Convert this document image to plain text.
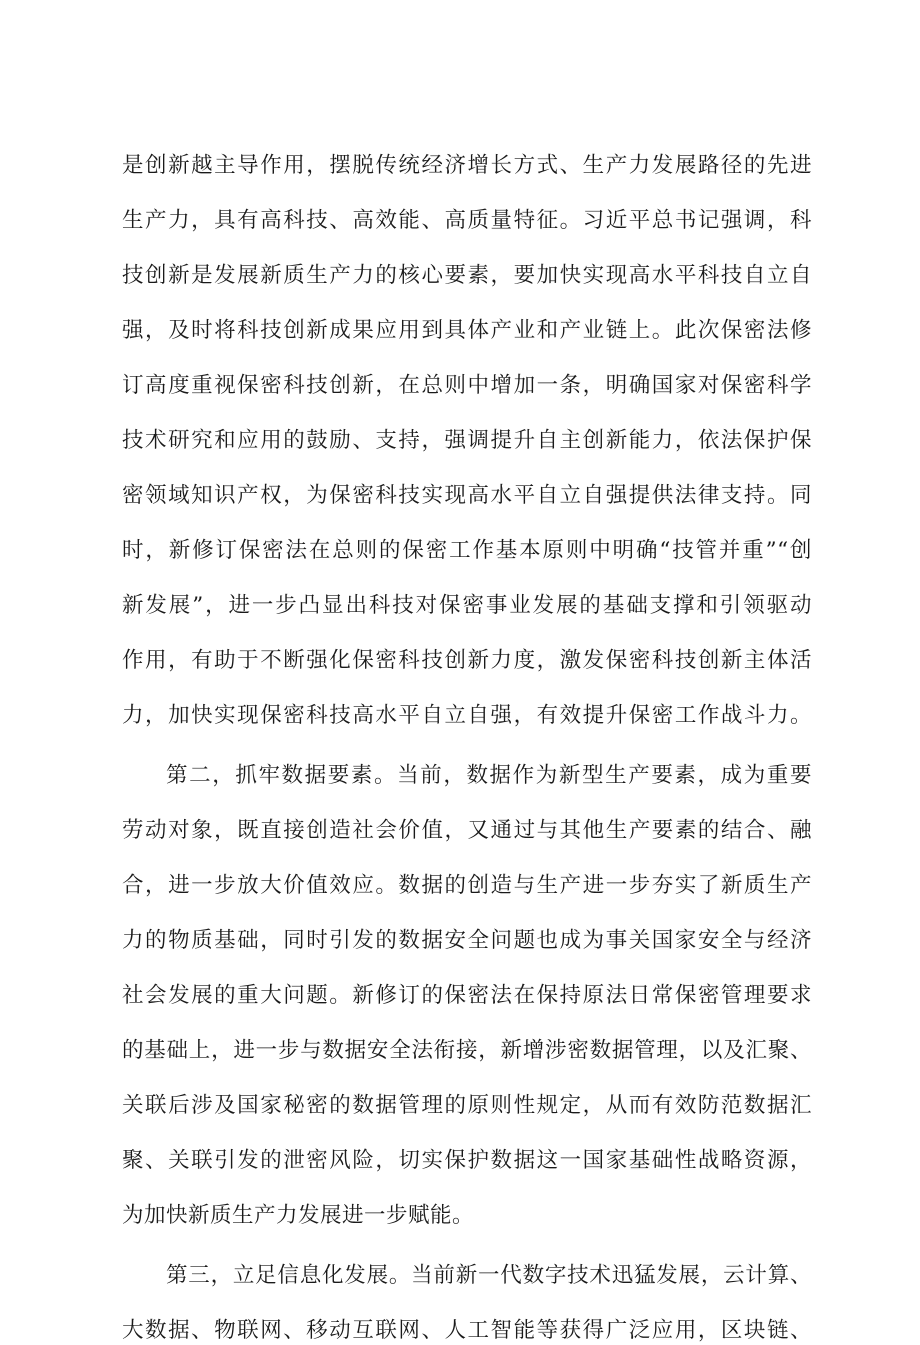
是创新越主导作用，摆脱传统经济增长方式、生产力发展路径的先进
生产力，具有高科技、高效能、高质量特征。习近平总书记强调，科
技创新是发展新质生产力的核心要素，要加快实现高水平科技自立自
强，及时将科技创新成果应用到具体产业和产业链上。此次保密法修
订高度重视保密科技创新，在总则中增加一条，明确国家对保密科学
技术研究和应用的鼓励、支持，强调提升自主创新能力，依法保护保
密领域知识产权，为保密科技实现高水平自立自强提供法律支持。同
时，新修订保密法在总则的保密工作基本原则中明确“技管并重”“创
新发展”，进一步凸显出科技对保密事业发展的基础支撑和引领驱动
作用，有助于不断强化保密科技创新力度，激发保密科技创新主体活
力，加快实现保密科技高水平自立自强，有效提升保密工作战斗力。
第二，抓牢数据要素。当前，数据作为新型生产要素，成为重要
劳动对象，既直接创造社会价值，又通过与其他生产要素的结合、融
合，进一步放大价值效应。数据的创造与生产进一步夯实了新质生产
力的物质基础，同时引发的数据安全问题也成为事关国家安全与经济
社会发展的重大问题。新修订的保密法在保持原法日常保密管理要求
的基础上，进一步与数据安全法衔接，新增涉密数据管理，以及汇聚、
关联后涉及国家秘密的数据管理的原则性规定，从而有效防范数据汇
聚、关联引发的泄密风险，切实保护数据这一国家基础性战略资源，
为加快新质生产力发展进一步赋能。
第三，立足信息化发展。当前新一代数字技术迅猛发展，云计算、
大数据、物联网、移动互联网、人工智能等获得广泛应用，区块链、
